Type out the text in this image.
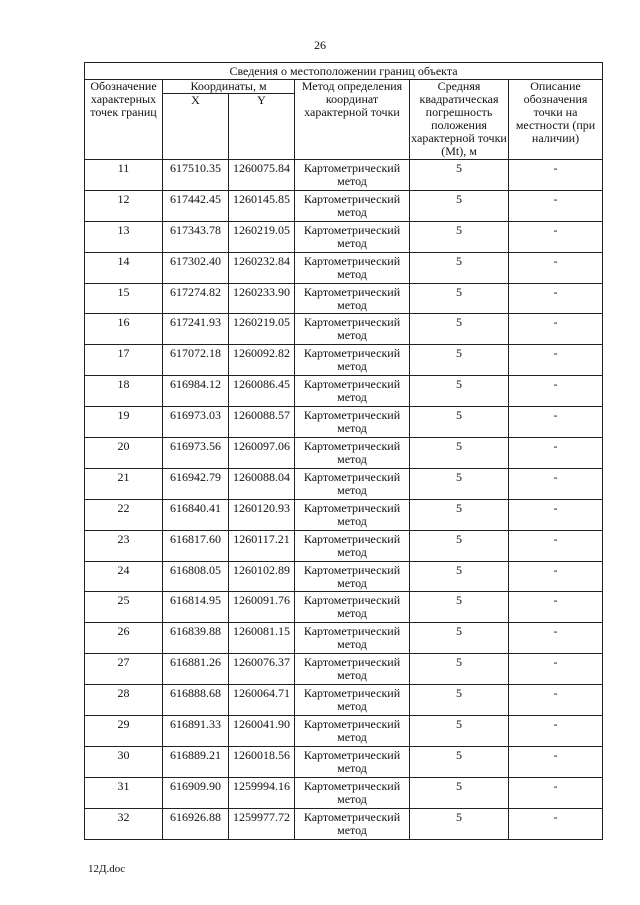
26
Сведения о местоположении границ объекта					
Обозначение характерных точек границ	Координаты, м		Метод определения координат характерной точки	Средняя квадратическая погрешность положения характерной точки (Mt), м	Описание обозначения точки на местности (при наличии)
	X	Y			
11	617510.35	1260075.84	Картометрический метод	5	-
12	617442.45	1260145.85	Картометрический метод	5	-
13	617343.78	1260219.05	Картометрический метод	5	-
14	617302.40	1260232.84	Картометрический метод	5	-
15	617274.82	1260233.90	Картометрический метод	5	-
16	617241.93	1260219.05	Картометрический метод	5	-
17	617072.18	1260092.82	Картометрический метод	5	-
18	616984.12	1260086.45	Картометрический метод	5	-
19	616973.03	1260088.57	Картометрический метод	5	-
20	616973.56	1260097.06	Картометрический метод	5	-
21	616942.79	1260088.04	Картометрический метод	5	-
22	616840.41	1260120.93	Картометрический метод	5	-
23	616817.60	1260117.21	Картометрический метод	5	-
24	616808.05	1260102.89	Картометрический метод	5	-
25	616814.95	1260091.76	Картометрический метод	5	-
26	616839.88	1260081.15	Картометрический метод	5	-
27	616881.26	1260076.37	Картометрический метод	5	-
28	616888.68	1260064.71	Картометрический метод	5	-
29	616891.33	1260041.90	Картометрический метод	5	-
30	616889.21	1260018.56	Картометрический метод	5	-
31	616909.90	1259994.16	Картометрический метод	5	-
32	616926.88	1259977.72	Картометрический метод	5	-
12Д.doc
